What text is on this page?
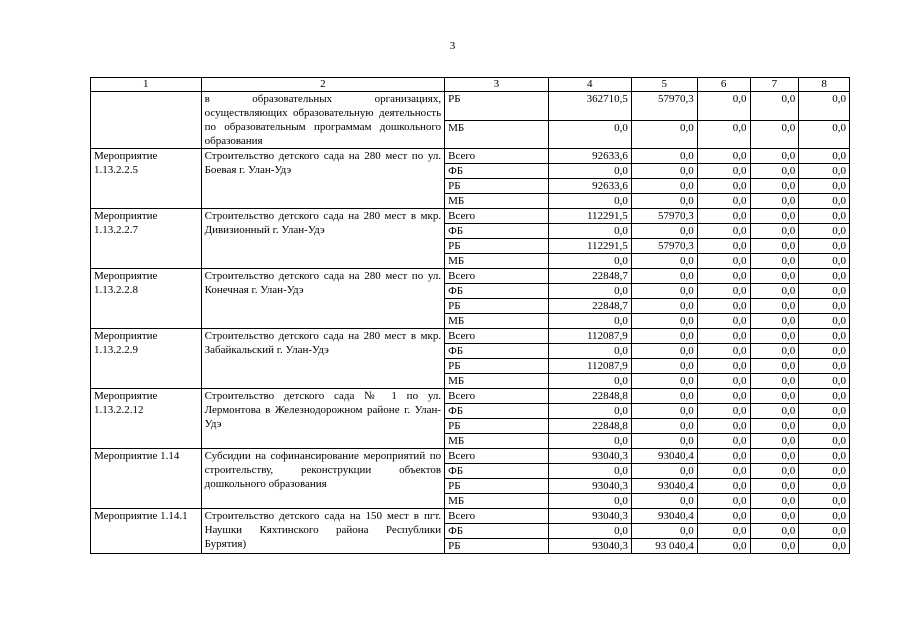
3
1	2	3	4	5	6	7	8
	в образовательных организациях, осуществляющих образовательную деятельность по образовательным программам дошкольного образования	РБ	362710,5	57970,3	0,0	0,0	0,0
		МБ	0,0	0,0	0,0	0,0	0,0
Мероприятие 1.13.2.2.5	Строительство детского сада на 280 мест по ул. Боевая г. Улан-Удэ	Всего	92633,6	0,0	0,0	0,0	0,0
		ФБ	0,0	0,0	0,0	0,0	0,0
		РБ	92633,6	0,0	0,0	0,0	0,0
		МБ	0,0	0,0	0,0	0,0	0,0
Мероприятие 1.13.2.2.7	Строительство детского сада на 280 мест в мкр. Дивизионный г. Улан-Удэ	Всего	112291,5	57970,3	0,0	0,0	0,0
		ФБ	0,0	0,0	0,0	0,0	0,0
		РБ	112291,5	57970,3	0,0	0,0	0,0
		МБ	0,0	0,0	0,0	0,0	0,0
Мероприятие 1.13.2.2.8	Строительство детского сада на 280 мест по ул. Конечная г. Улан-Удэ	Всего	22848,7	0,0	0,0	0,0	0,0
		ФБ	0,0	0,0	0,0	0,0	0,0
		РБ	22848,7	0,0	0,0	0,0	0,0
		МБ	0,0	0,0	0,0	0,0	0,0
Мероприятие 1.13.2.2.9	Строительство детского сада на 280 мест в мкр. Забайкальский г. Улан-Удэ	Всего	112087,9	0,0	0,0	0,0	0,0
		ФБ	0,0	0,0	0,0	0,0	0,0
		РБ	112087,9	0,0	0,0	0,0	0,0
		МБ	0,0	0,0	0,0	0,0	0,0
Мероприятие 1.13.2.2.12	Строительство детского сада № 1 по ул. Лермонтова в Железнодорожном районе г. Улан-Удэ	Всего	22848,8	0,0	0,0	0,0	0,0
		ФБ	0,0	0,0	0,0	0,0	0,0
		РБ	22848,8	0,0	0,0	0,0	0,0
		МБ	0,0	0,0	0,0	0,0	0,0
Мероприятие 1.14	Субсидии на софинансирование мероприятий по строительству, реконструкции объектов дошкольного образования	Всего	93040,3	93040,4	0,0	0,0	0,0
		ФБ	0,0	0,0	0,0	0,0	0,0
		РБ	93040,3	93040,4	0,0	0,0	0,0
		МБ	0,0	0,0	0,0	0,0	0,0
Мероприятие 1.14.1	Строительство детского сада на 150 мест в пгт. Наушки Кяхтинского района Республики Бурятия)	Всего	93040,3	93040,4	0,0	0,0	0,0
		ФБ	0,0	0,0	0,0	0,0	0,0
		РБ	93040,3	93 040,4	0,0	0,0	0,0
